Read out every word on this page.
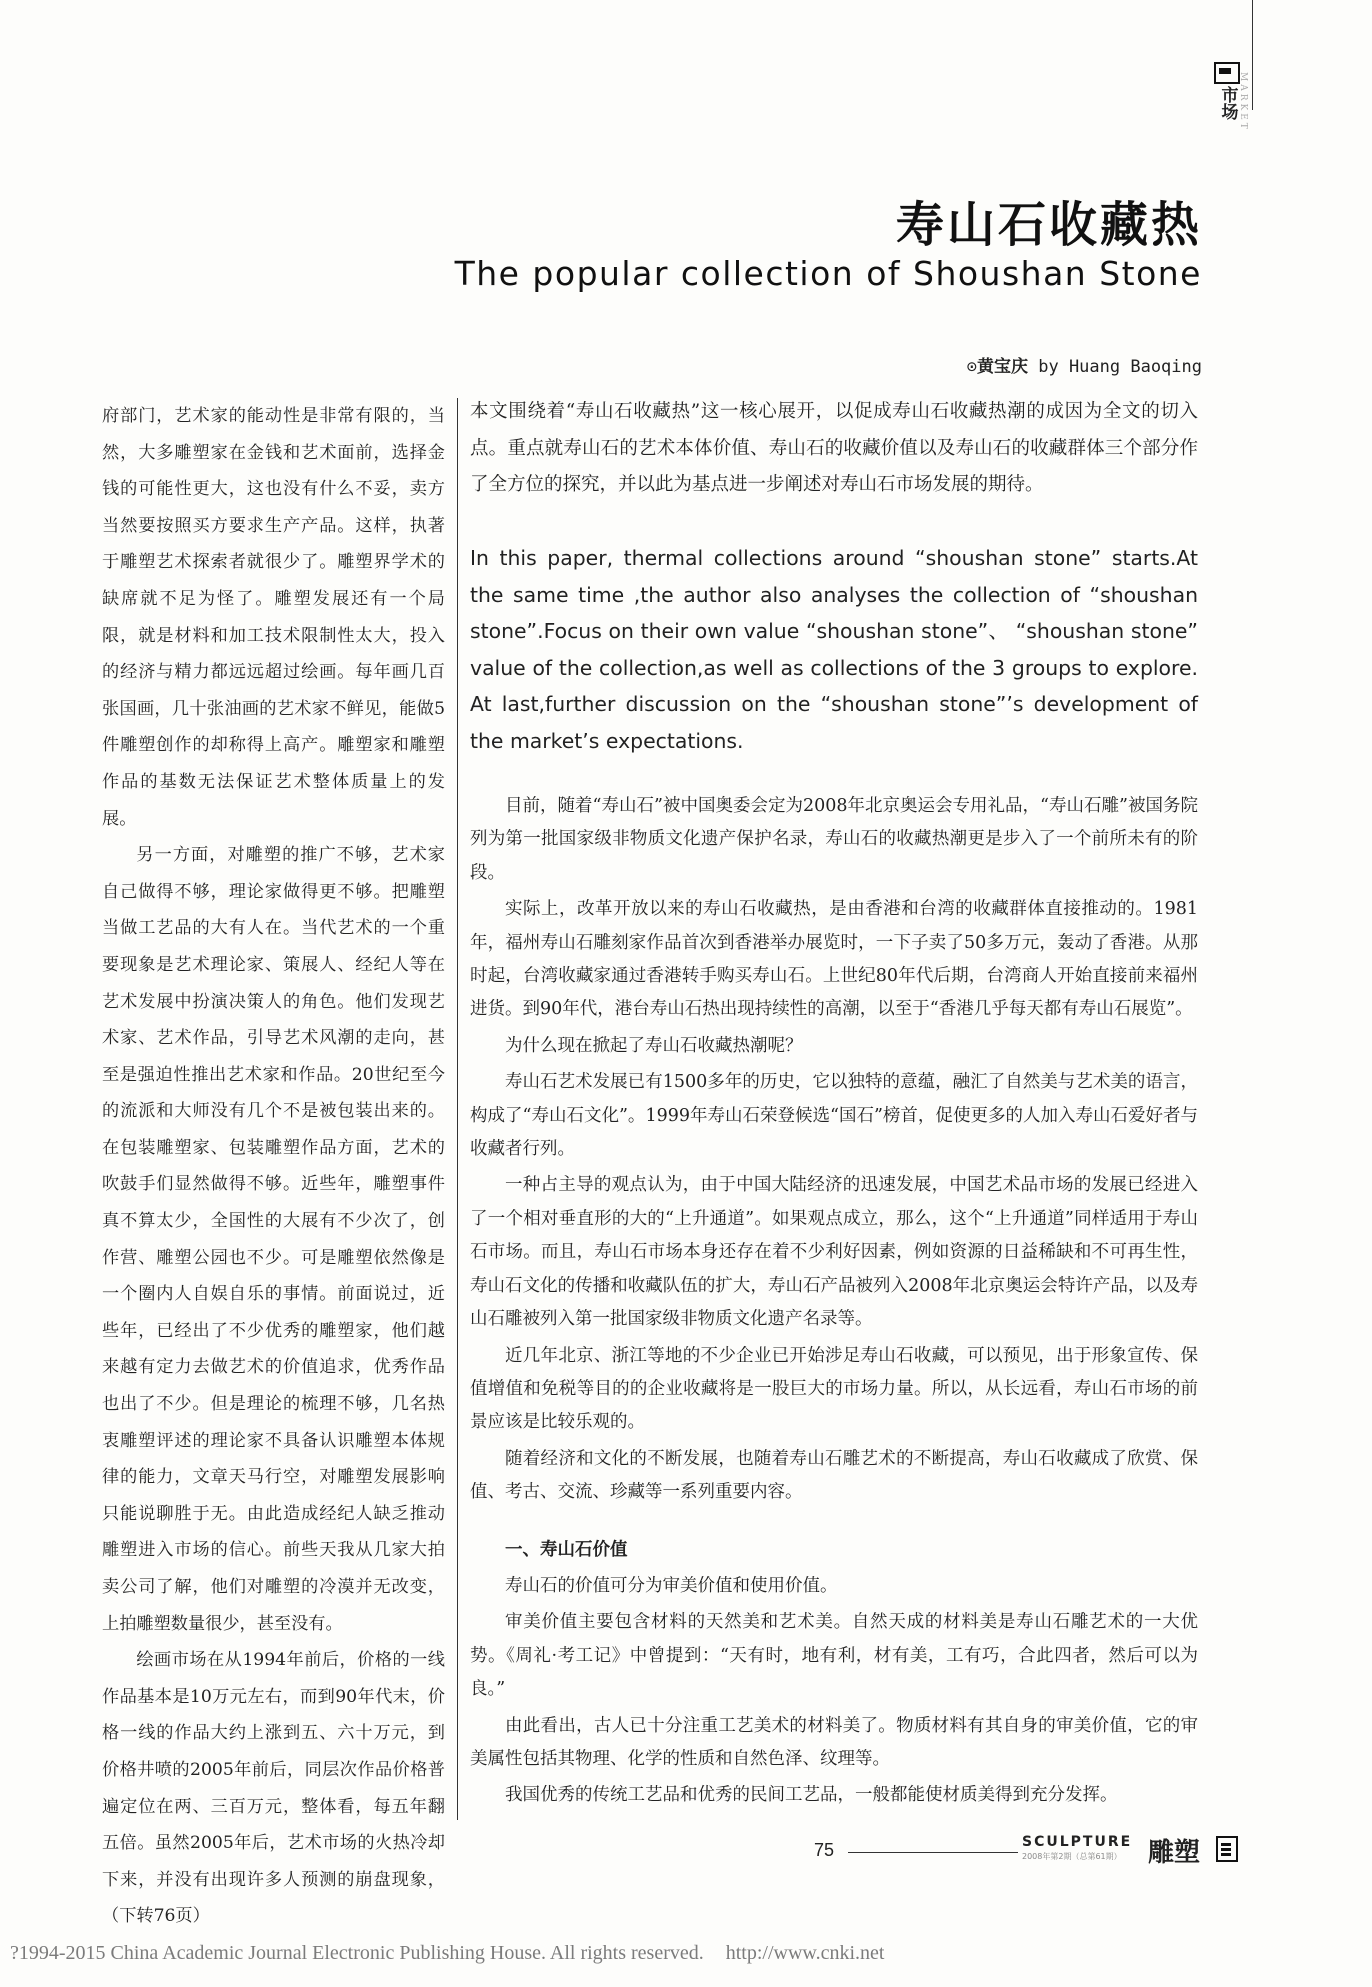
市场 MARKET
寿山石收藏热
The popular collection of Shoushan Stone
⊙黄宝庆 by Huang Baoqing

府部门，艺术家的能动性是非常有限的，当然，大多雕塑家在金钱和艺术面前，选择金钱的可能性更大，这也没有什么不妥，卖方当然要按照买方要求生产产品。这样，执著于雕塑艺术探索者就很少了。雕塑界学术的缺席就不足为怪了。雕塑发展还有一个局限，就是材料和加工技术限制性太大，投入的经济与精力都远远超过绘画。每年画几百张国画，几十张油画的艺术家不鲜见，能做5件雕塑创作的却称得上高产。雕塑家和雕塑作品的基数无法保证艺术整体质量上的发展。

另一方面，对雕塑的推广不够，艺术家自己做得不够，理论家做得更不够。把雕塑当做工艺品的大有人在。当代艺术的一个重要现象是艺术理论家、策展人、经纪人等在艺术发展中扮演决策人的角色。他们发现艺术家、艺术作品，引导艺术风潮的走向，甚至是强迫性推出艺术家和作品。20世纪至今的流派和大师没有几个不是被包装出来的。在包装雕塑家、包装雕塑作品方面，艺术的吹鼓手们显然做得不够。近些年，雕塑事件真不算太少，全国性的大展有不少次了，创作营、雕塑公园也不少。可是雕塑依然像是一个圈内人自娱自乐的事情。前面说过，近些年，已经出了不少优秀的雕塑家，他们越来越有定力去做艺术的价值追求，优秀作品也出了不少。但是理论的梳理不够，几名热衷雕塑评述的理论家不具备认识雕塑本体规律的能力，文章天马行空，对雕塑发展影响只能说聊胜于无。由此造成经纪人缺乏推动雕塑进入市场的信心。前些天我从几家大拍卖公司了解，他们对雕塑的冷漠并无改变，上拍雕塑数量很少，甚至没有。

绘画市场在从1994年前后，价格的一线作品基本是10万元左右，而到90年代末，价格一线的作品大约上涨到五、六十万元，到价格井喷的2005年前后，同层次作品价格普遍定位在两、三百万元，整体看，每五年翻五倍。虽然2005年后，艺术市场的火热冷却下来，并没有出现许多人预测的崩盘现象，（下转76页）

本文围绕着“寿山石收藏热”这一核心展开，以促成寿山石收藏热潮的成因为全文的切入点。重点就寿山石的艺术本体价值、寿山石的收藏价值以及寿山石的收藏群体三个部分作了全方位的探究，并以此为基点进一步阐述对寿山石市场发展的期待。
In this paper, thermal collections around “shoushan stone” starts.At the same time ,the author also analyses the collection of “shoushan stone”.Focus on their own value “shoushan stone”、 “shoushan stone” value of the collection,as well as collections of the 3 groups to explore. At last,further discussion on the “shoushan stone”’s development of the market’s expectations.

目前，随着“寿山石”被中国奥委会定为2008年北京奥运会专用礼品，“寿山石雕”被国务院列为第一批国家级非物质文化遗产保护名录，寿山石的收藏热潮更是步入了一个前所未有的阶段。

实际上，改革开放以来的寿山石收藏热，是由香港和台湾的收藏群体直接推动的。1981年，福州寿山石雕刻家作品首次到香港举办展览时，一下子卖了50多万元，轰动了香港。从那时起，台湾收藏家通过香港转手购买寿山石。上世纪80年代后期，台湾商人开始直接前来福州进货。到90年代，港台寿山石热出现持续性的高潮，以至于“香港几乎每天都有寿山石展览”。

为什么现在掀起了寿山石收藏热潮呢？

寿山石艺术发展已有1500多年的历史，它以独特的意蕴，融汇了自然美与艺术美的语言，构成了“寿山石文化”。1999年寿山石荣登候选“国石”榜首，促使更多的人加入寿山石爱好者与收藏者行列。

一种占主导的观点认为，由于中国大陆经济的迅速发展，中国艺术品市场的发展已经进入了一个相对垂直形的大的“上升通道”。如果观点成立，那么，这个“上升通道”同样适用于寿山石市场。而且，寿山石市场本身还存在着不少利好因素，例如资源的日益稀缺和不可再生性，寿山石文化的传播和收藏队伍的扩大，寿山石产品被列入2008年北京奥运会特许产品，以及寿山石雕被列入第一批国家级非物质文化遗产名录等。

近几年北京、浙江等地的不少企业已开始涉足寿山石收藏，可以预见，出于形象宣传、保值增值和免税等目的的企业收藏将是一股巨大的市场力量。所以，从长远看，寿山石市场的前景应该是比较乐观的。

随着经济和文化的不断发展，也随着寿山石雕艺术的不断提高，寿山石收藏成了欣赏、保值、考古、交流、珍藏等一系列重要内容。

一、寿山石价值

寿山石的价值可分为审美价值和使用价值。

审美价值主要包含材料的天然美和艺术美。自然天成的材料美是寿山石雕艺术的一大优势。《周礼·考工记》中曾提到：“天有时，地有利，材有美，工有巧，合此四者，然后可以为良。”

由此看出，古人已十分注重工艺美术的材料美了。物质材料有其自身的审美价值，它的审美属性包括其物理、化学的性质和自然色泽、纹理等。

我国优秀的传统工艺品和优秀的民间工艺品，一般都能使材质美得到充分发挥。

75	SCULPTURE
2008年第2期（总第61期） 雕塑
?1994-2015 China Academic Journal Electronic Publishing House. All rights reserved. http://www.cnki.net
